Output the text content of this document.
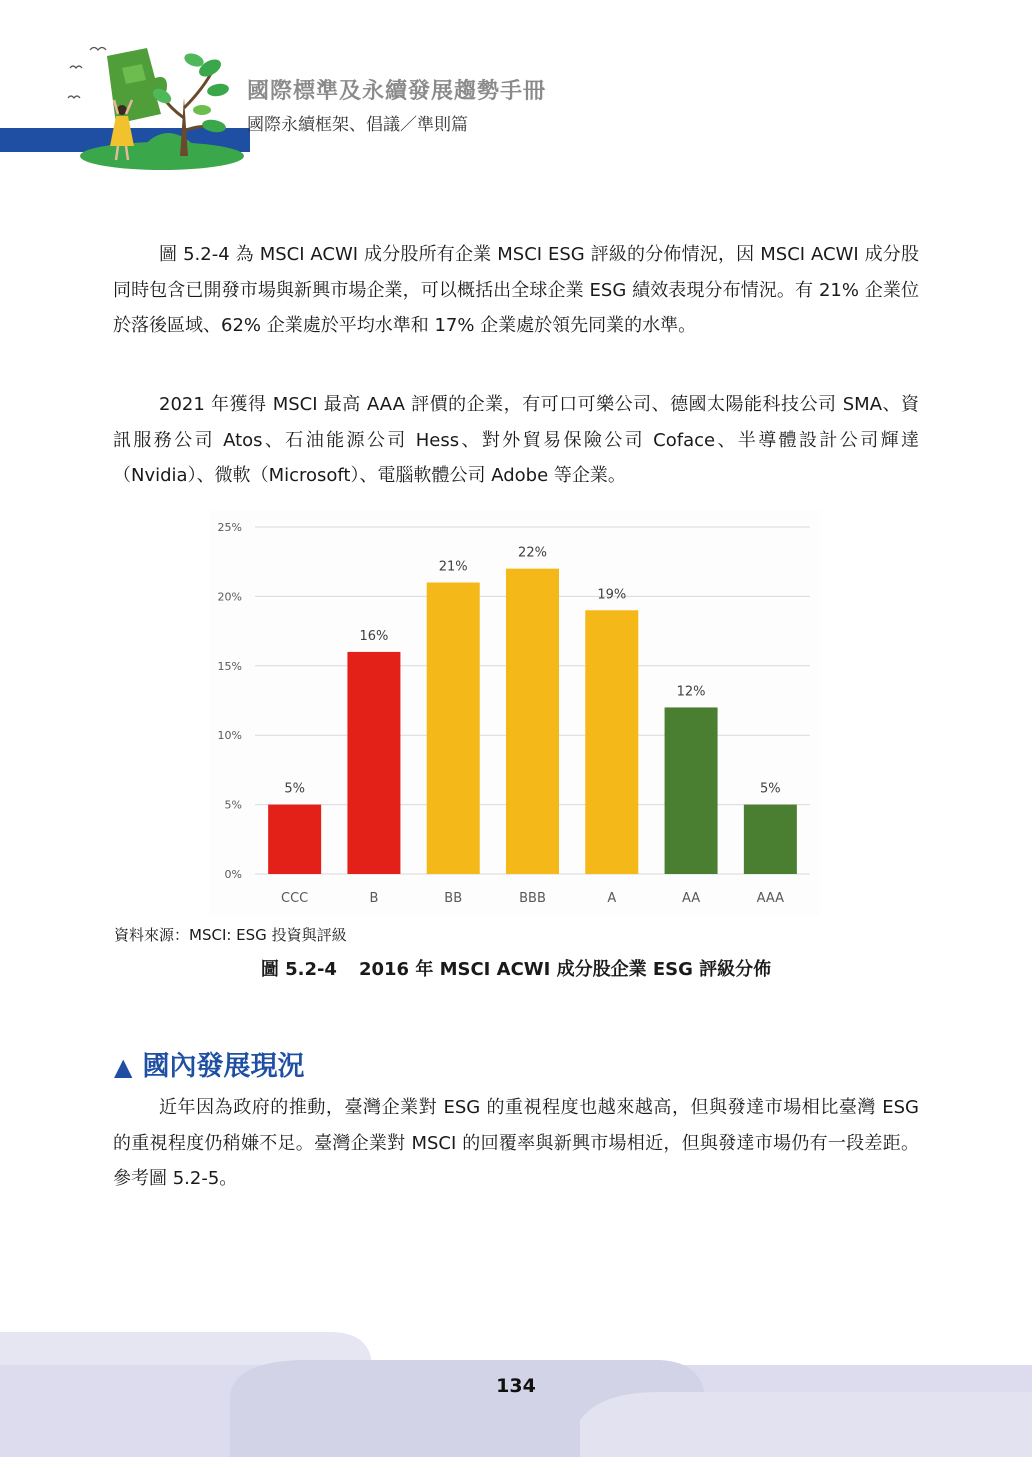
國際標準及永續發展趨勢手冊
國際永續框架、倡議／準則篇

圖 5.2-4 為 MSCI ACWI 成分股所有企業 MSCI ESG 評級的分佈情況，因 MSCI ACWI 成分股同時包含已開發市場與新興市場企業，可以概括出全球企業 ESG 績效表現分布情況。有 21% 企業位於落後區域、62% 企業處於平均水準和 17% 企業處於領先同業的水準。

2021 年獲得 MSCI 最高 AAA 評價的企業，有可口可樂公司、德國太陽能科技公司 SMA、資訊服務公司 Atos、石油能源公司 Hess、對外貿易保險公司 Coface、半導體設計公司輝達（Nvidia）、微軟（Microsoft）、電腦軟體公司 Adobe 等企業。

0%
5%
10%
15%
20%
25%
5%
CCC
16%
B
21%
BB
22%
BBB
19%
A
12%
AA
5%
AAA
資料來源：MSCI: ESG 投資與評級
圖 5.2-4 2016 年 MSCI ACWI 成分股企業 ESG 評級分佈
▲ 國內發展現況

近年因為政府的推動，臺灣企業對 ESG 的重視程度也越來越高，但與發達市場相比臺灣 ESG 的重視程度仍稍嫌不足。臺灣企業對 MSCI 的回覆率與新興市場相近，但與發達市場仍有一段差距。參考圖 5.2-5。

134
